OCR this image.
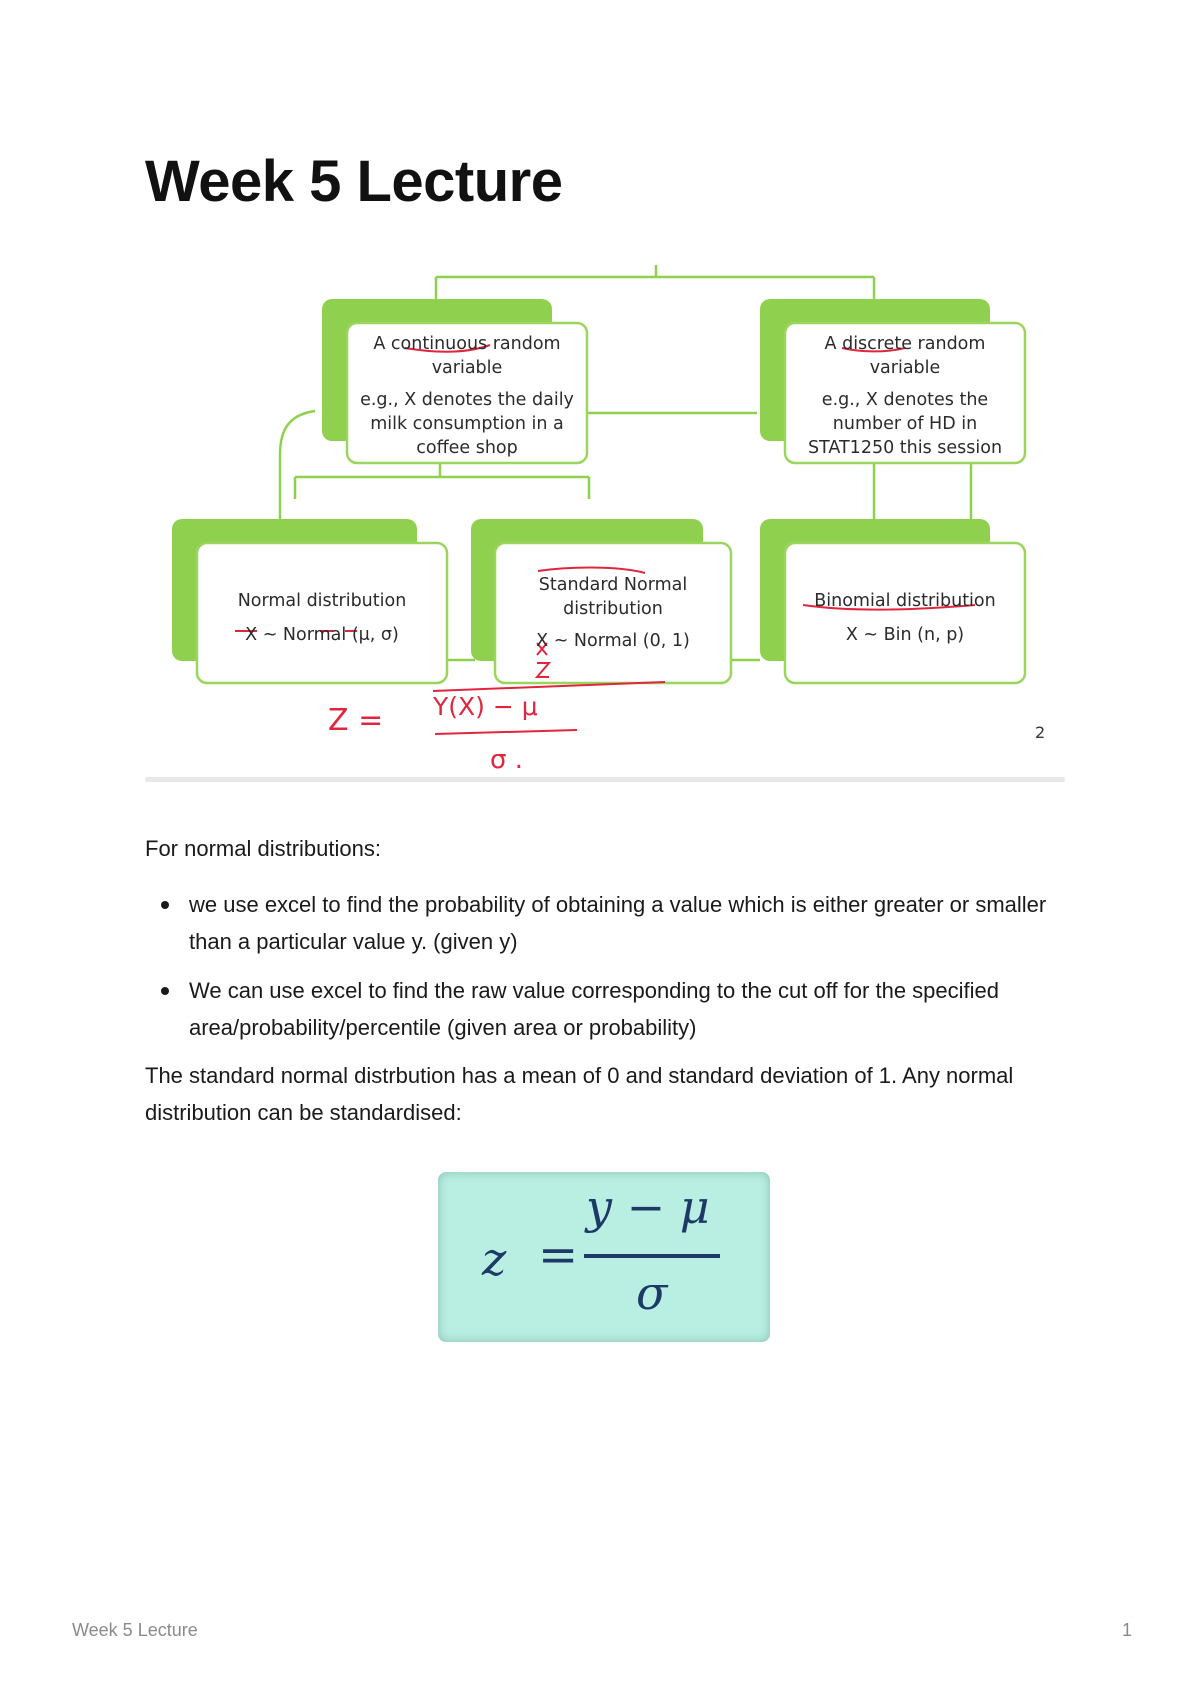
Week 5 Lecture

A continuous random

variable

e.g., X denotes the daily

milk consumption in a

coffee shop

A discrete random

variable

e.g., X denotes the

number of HD in

STAT1250 this session

Normal distribution

X ~ Normal (μ, σ)

Standard Normal

distribution

X ~ Normal (0, 1)

Binomial distribution

X ~ Bin (n, p)

Z = Y(X) − μ
σ .
2

For normal distributions:

we use excel to find the probability of obtaining a value which is either greater or smaller than a particular value y. (given y)
We can use excel to find the raw value corresponding to the cut off for the specified area/probability/percentile (given area or probability)

The standard normal distrbution has a mean of 0 and standard deviation of 1. Any normal distribution can be standardised:

z =
y − μ
σ
Week 5 Lecture	1
